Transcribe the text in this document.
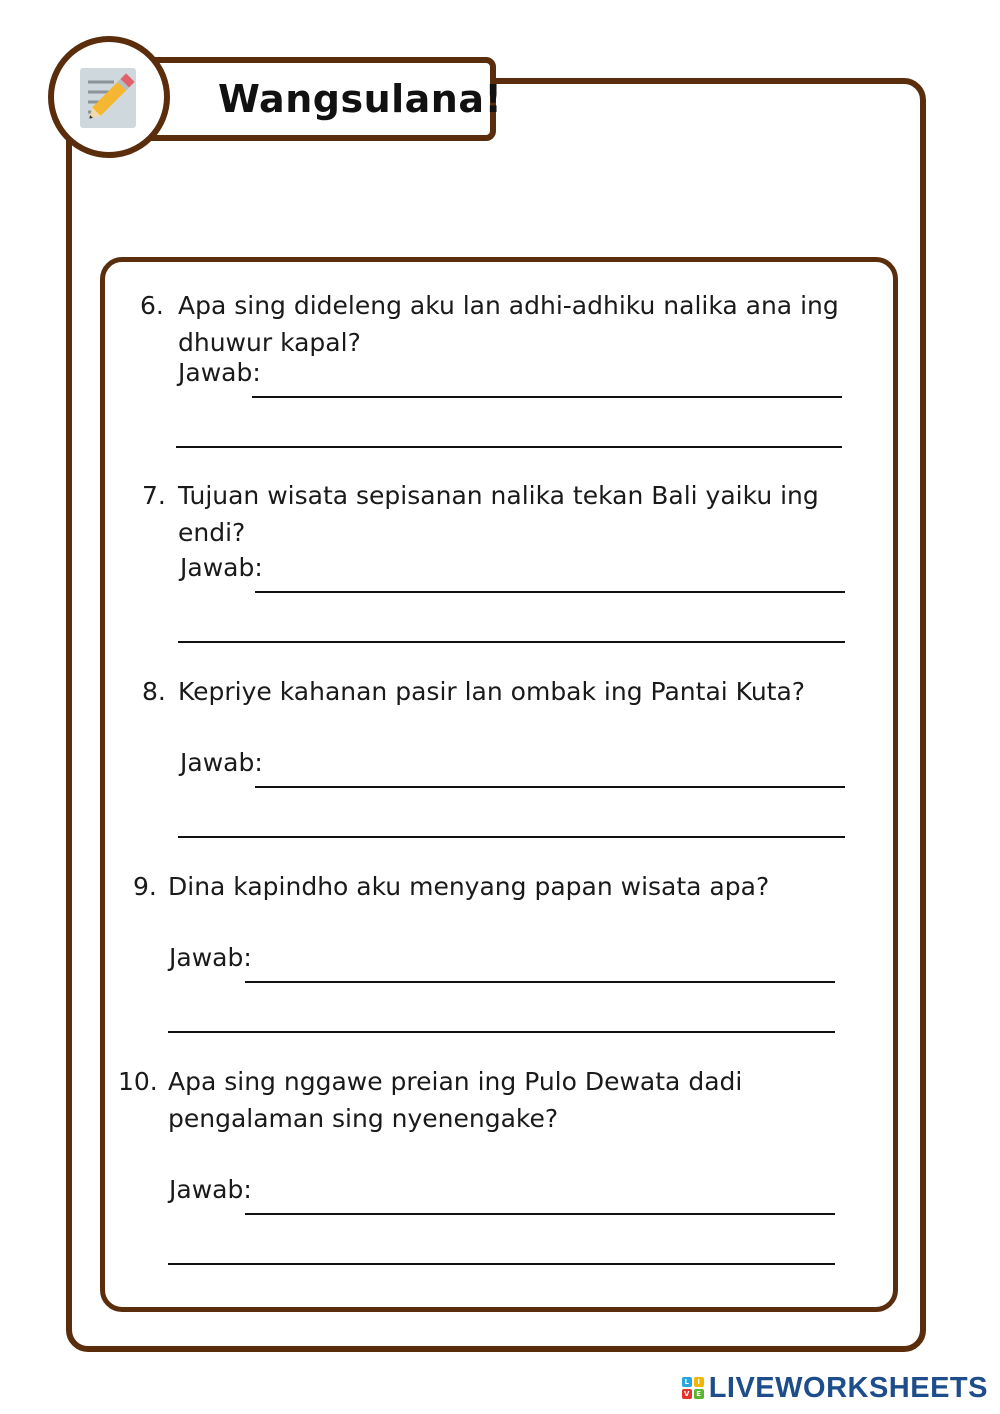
Wangsulana!
6. Apa sing dideleng aku lan adhi-adhiku nalika ana ing
dhuwur kapal?
Jawab:
7. Tujuan wisata sepisanan nalika tekan Bali yaiku ing
endi?
Jawab:
8. Kepriye kahanan pasir lan ombak ing Pantai Kuta?
Jawab:
9. Dina kapindho aku menyang papan wisata apa?
Jawab:
10. Apa sing nggawe preian ing Pulo Dewata dadi
pengalaman sing nyenengake?
Jawab:
L	I
V E LIVEWORKSHEETS
